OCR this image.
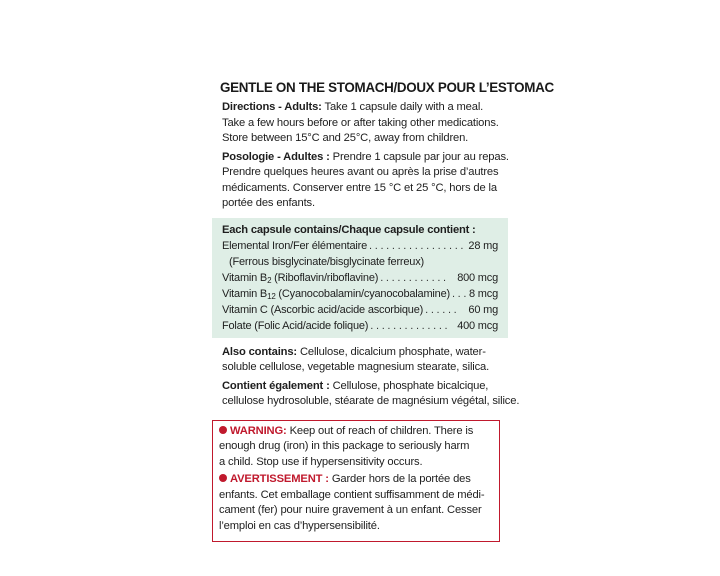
GENTLE ON THE STOMACH/DOUX POUR L’ESTOMAC
Directions - Adults: Take 1 capsule daily with a meal.
Take a few hours before or after taking other medications.
Store between 15°C and 25°C, away from children.
Posologie - Adultes : Prendre 1 capsule par jour au repas.
Prendre quelques heures avant ou après la prise d’autres
médicaments. Conserver entre 15 °C et 25 °C, hors de la
portée des enfants.
Each capsule contains/Chaque capsule contient :
Elemental Iron/Fer élémentaire . . . . . . . . . . . . . . . . . 28 mg
(Ferrous bisglycinate/bisglycinate ferreux)
Vitamin $B_2$ (Riboflavin/riboflavine) . . . . . . . . . . . .	800 mcg
Vitamin $B_{12}$ (Cyanocobalamin/cyanocobalamine) . . . 8 mcg
Vitamin C (Ascorbic acid/acide ascorbique) . . . . . .	60 mg
Folate (Folic Acid/acide folique) . . . . . . . . . . . . . . 400 mcg
Also contains: Cellulose, dicalcium phosphate, water-
soluble cellulose, vegetable magnesium stearate, silica.
Contient également : Cellulose, phosphate bicalcique,
cellulose hydrosoluble, stéarate de magnésium végétal, silice.
WARNING: Keep out of reach of children. There is
enough drug (iron) in this package to seriously harm
a child. Stop use if hypersensitivity occurs.
AVERTISSEMENT : Garder hors de la portée des
enfants. Cet emballage contient suffisamment de médi-
cament (fer) pour nuire gravement à un enfant. Cesser
l’emploi en cas d’hypersensibilité.
